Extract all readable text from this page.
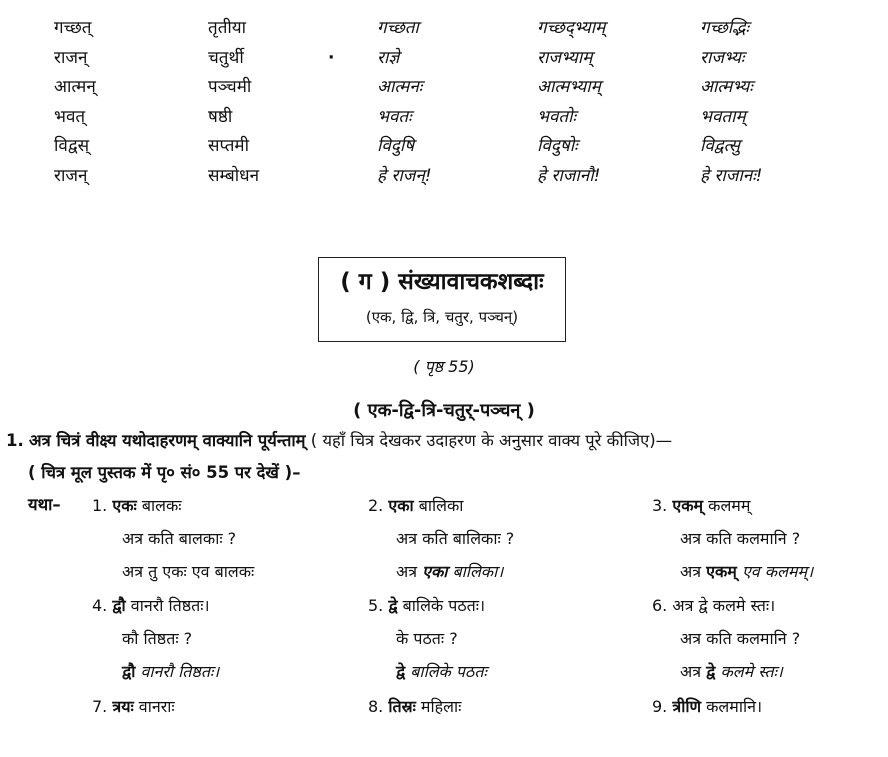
गच्छत्	तृतीया	गच्छता	गच्छद्भ्याम्	गच्छद्भिः
राजन्	चतुर्थी	·	राज्ञे	राजभ्याम्	राजभ्यः
आत्मन्	पञ्चमी	आत्मनः	आत्मभ्याम्	आत्मभ्यः
भवत्	षष्ठी	भवतः	भवतोः	भवताम्
विद्वस्	सप्तमी	विदुषि	विदुषोः	विद्वत्सु
राजन्	सम्बोधन	हे राजन्!	हे राजानौ!	हे राजानः!
( ग ) संख्यावाचकशब्दाः
(एक, द्वि, त्रि, चतुर, पञ्चन्)
( पृष्ठ 55)
( एक-द्वि-त्रि-चतुर्-पञ्चन् )
1. अत्र चित्रं वीक्ष्य यथोदाहरणम् वाक्यानि पूर्यन्ताम् ( यहाँ चित्र देखकर उदाहरण के अनुसार वाक्य पूरे कीजिए)—
( चित्र मूल पुस्तक में पृ० सं० 55 पर देखें )–
यथा– 1. एकः बालकः
अत्र कति बालकाः ?
अत्र तु एकः एव बालकः
4. द्वौ वानरौ तिष्ठतः।
कौ तिष्ठतः ?
द्वौ वानरौ तिष्ठतः।
7. त्रयः वानराः
2. एका बालिका
अत्र कति बालिकाः ?
अत्र एका बालिका।
5. द्वे बालिके पठतः।
के पठतः ?
द्वे बालिके पठतः
8. तिस्रः महिलाः
3. एकम् कलमम्
अत्र कति कलमानि ?
अत्र एकम् एव कलमम्।
6. अत्र द्वे कलमे स्तः।
अत्र कति कलमानि ?
अत्र द्वे कलमे स्तः।
9. त्रीणि कलमानि।
